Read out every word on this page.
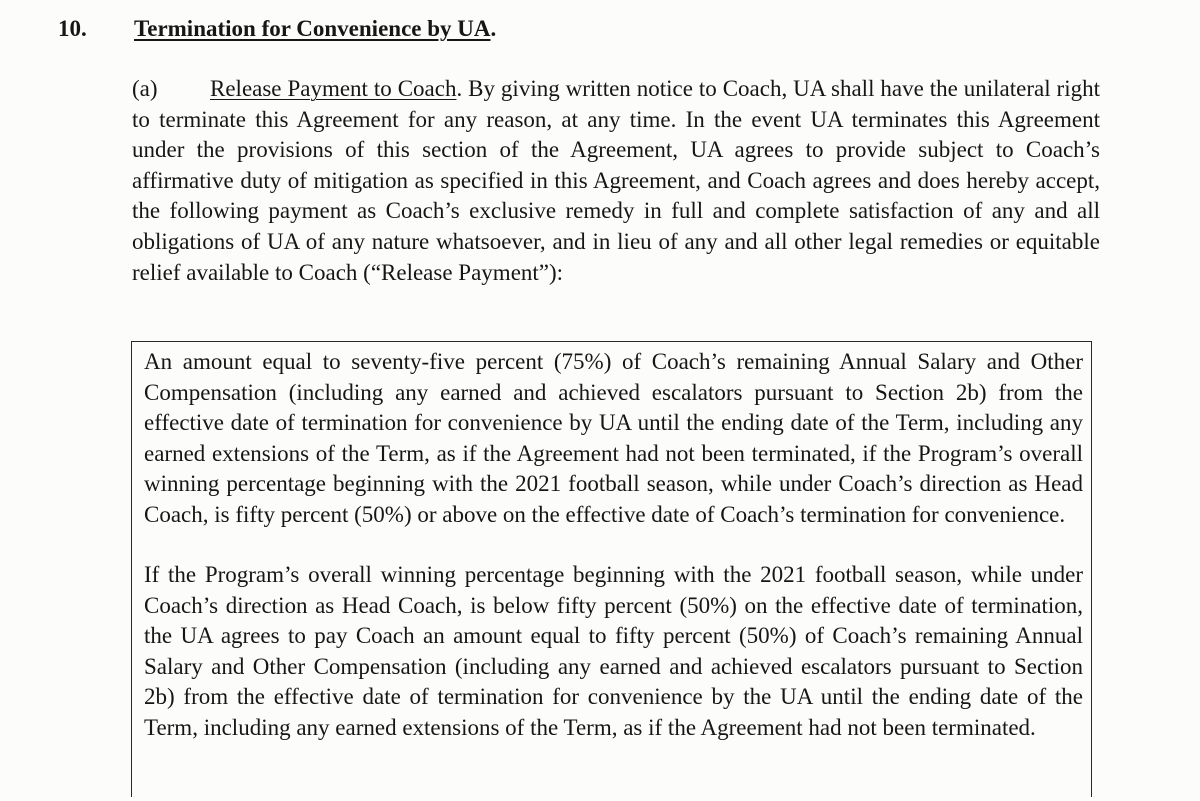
10. Termination for Convenience by UA.
(a) Release Payment to Coach. By giving written notice to Coach, UA shall have the unilateral right to terminate this Agreement for any reason, at any time. In the event UA terminates this Agreement under the provisions of this section of the Agreement, UA agrees to provide subject to Coach’s affirmative duty of mitigation as specified in this Agreement, and Coach agrees and does hereby accept, the following payment as Coach’s exclusive remedy in full and complete satisfaction of any and all obligations of UA of any nature whatsoever, and in lieu of any and all other legal remedies or equitable relief available to Coach (“Release Payment”):

An amount equal to seventy-five percent (75%) of Coach’s remaining Annual Salary and Other Compensation (including any earned and achieved escalators pursuant to Section 2b) from the effective date of termination for convenience by UA until the ending date of the Term, including any earned extensions of the Term, as if the Agreement had not been terminated, if the Program’s overall winning percentage beginning with the 2021 football season, while under Coach’s direction as Head Coach, is fifty percent (50%) or above on the effective date of Coach’s termination for convenience.

If the Program’s overall winning percentage beginning with the 2021 football season, while under Coach’s direction as Head Coach, is below fifty percent (50%) on the effective date of termination, the UA agrees to pay Coach an amount equal to fifty percent (50%) of Coach’s remaining Annual Salary and Other Compensation (including any earned and achieved escalators pursuant to Section 2b) from the effective date of termination for convenience by the UA until the ending date of the Term, including any earned extensions of the Term, as if the Agreement had not been terminated.
